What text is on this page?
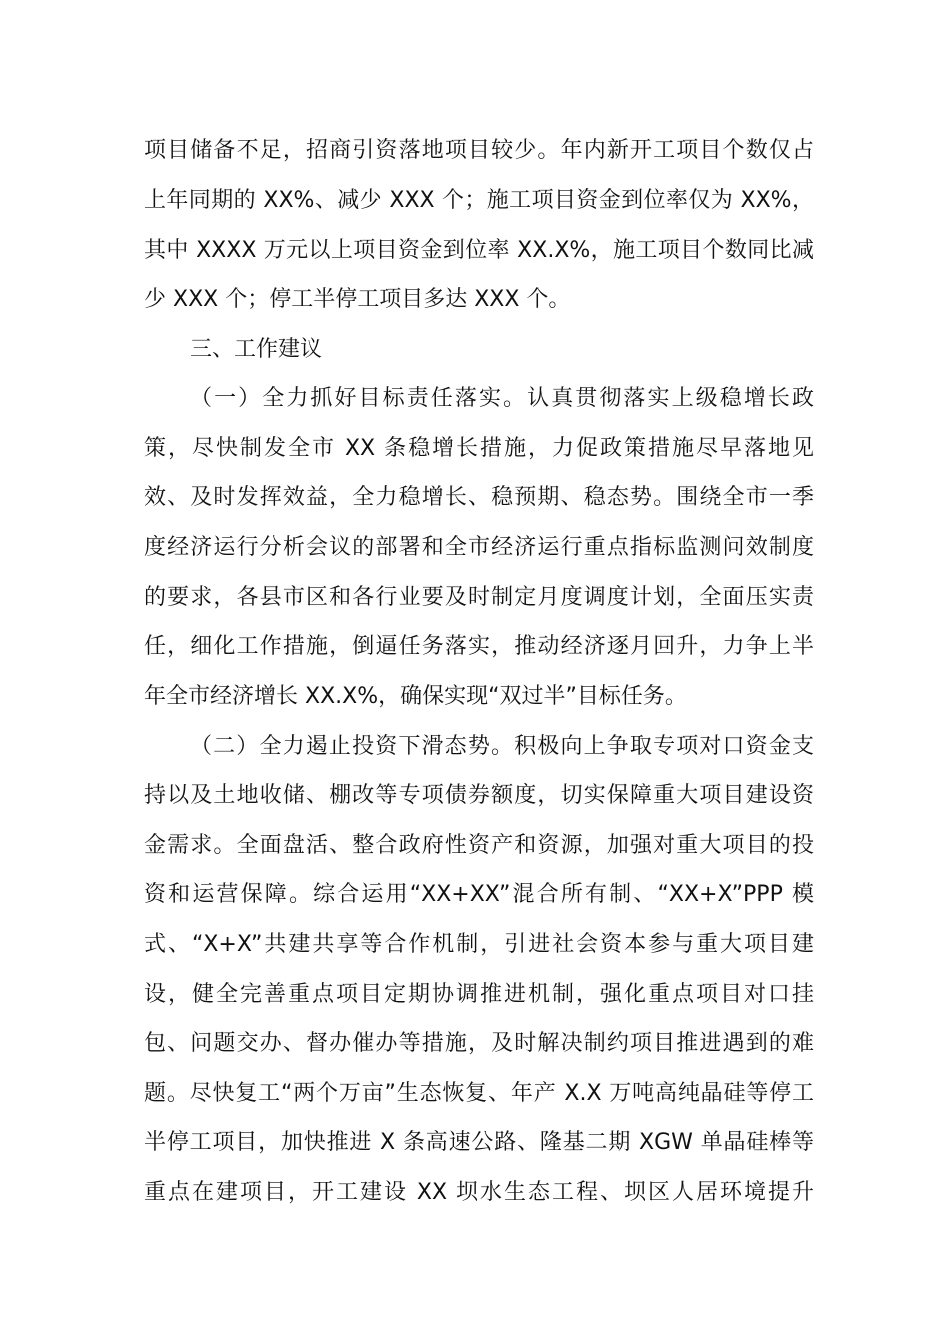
项目储备不足，招商引资落地项目较少。年内新开工项目个数仅占
上年同期的 XX%、减少 XXX 个；施工项目资金到位率仅为 XX%，
其中 XXXX 万元以上项目资金到位率 XX.X%，施工项目个数同比减
少 XXX 个；停工半停工项目多达 XXX 个。
三、工作建议
（一）全力抓好目标责任落实。认真贯彻落实上级稳增长政
策，尽快制发全市 XX 条稳增长措施，力促政策措施尽早落地见
效、及时发挥效益，全力稳增长、稳预期、稳态势。围绕全市一季
度经济运行分析会议的部署和全市经济运行重点指标监测问效制度
的要求，各县市区和各行业要及时制定月度调度计划，全面压实责
任，细化工作措施，倒逼任务落实，推动经济逐月回升，力争上半
年全市经济增长 XX.X%，确保实现“双过半”目标任务。
（二）全力遏止投资下滑态势。积极向上争取专项对口资金支
持以及土地收储、棚改等专项债券额度，切实保障重大项目建设资
金需求。全面盘活、整合政府性资产和资源，加强对重大项目的投
资和运营保障。综合运用“XX+XX”混合所有制、“XX+X”PPP 模
式、“X+X”共建共享等合作机制，引进社会资本参与重大项目建
设，健全完善重点项目定期协调推进机制，强化重点项目对口挂
包、问题交办、督办催办等措施，及时解决制约项目推进遇到的难
题。尽快复工“两个万亩”生态恢复、年产 X.X 万吨高纯晶硅等停工
半停工项目，加快推进 X 条高速公路、隆基二期 XGW 单晶硅棒等
重点在建项目，开工建设 XX 坝水生态工程、坝区人居环境提升
